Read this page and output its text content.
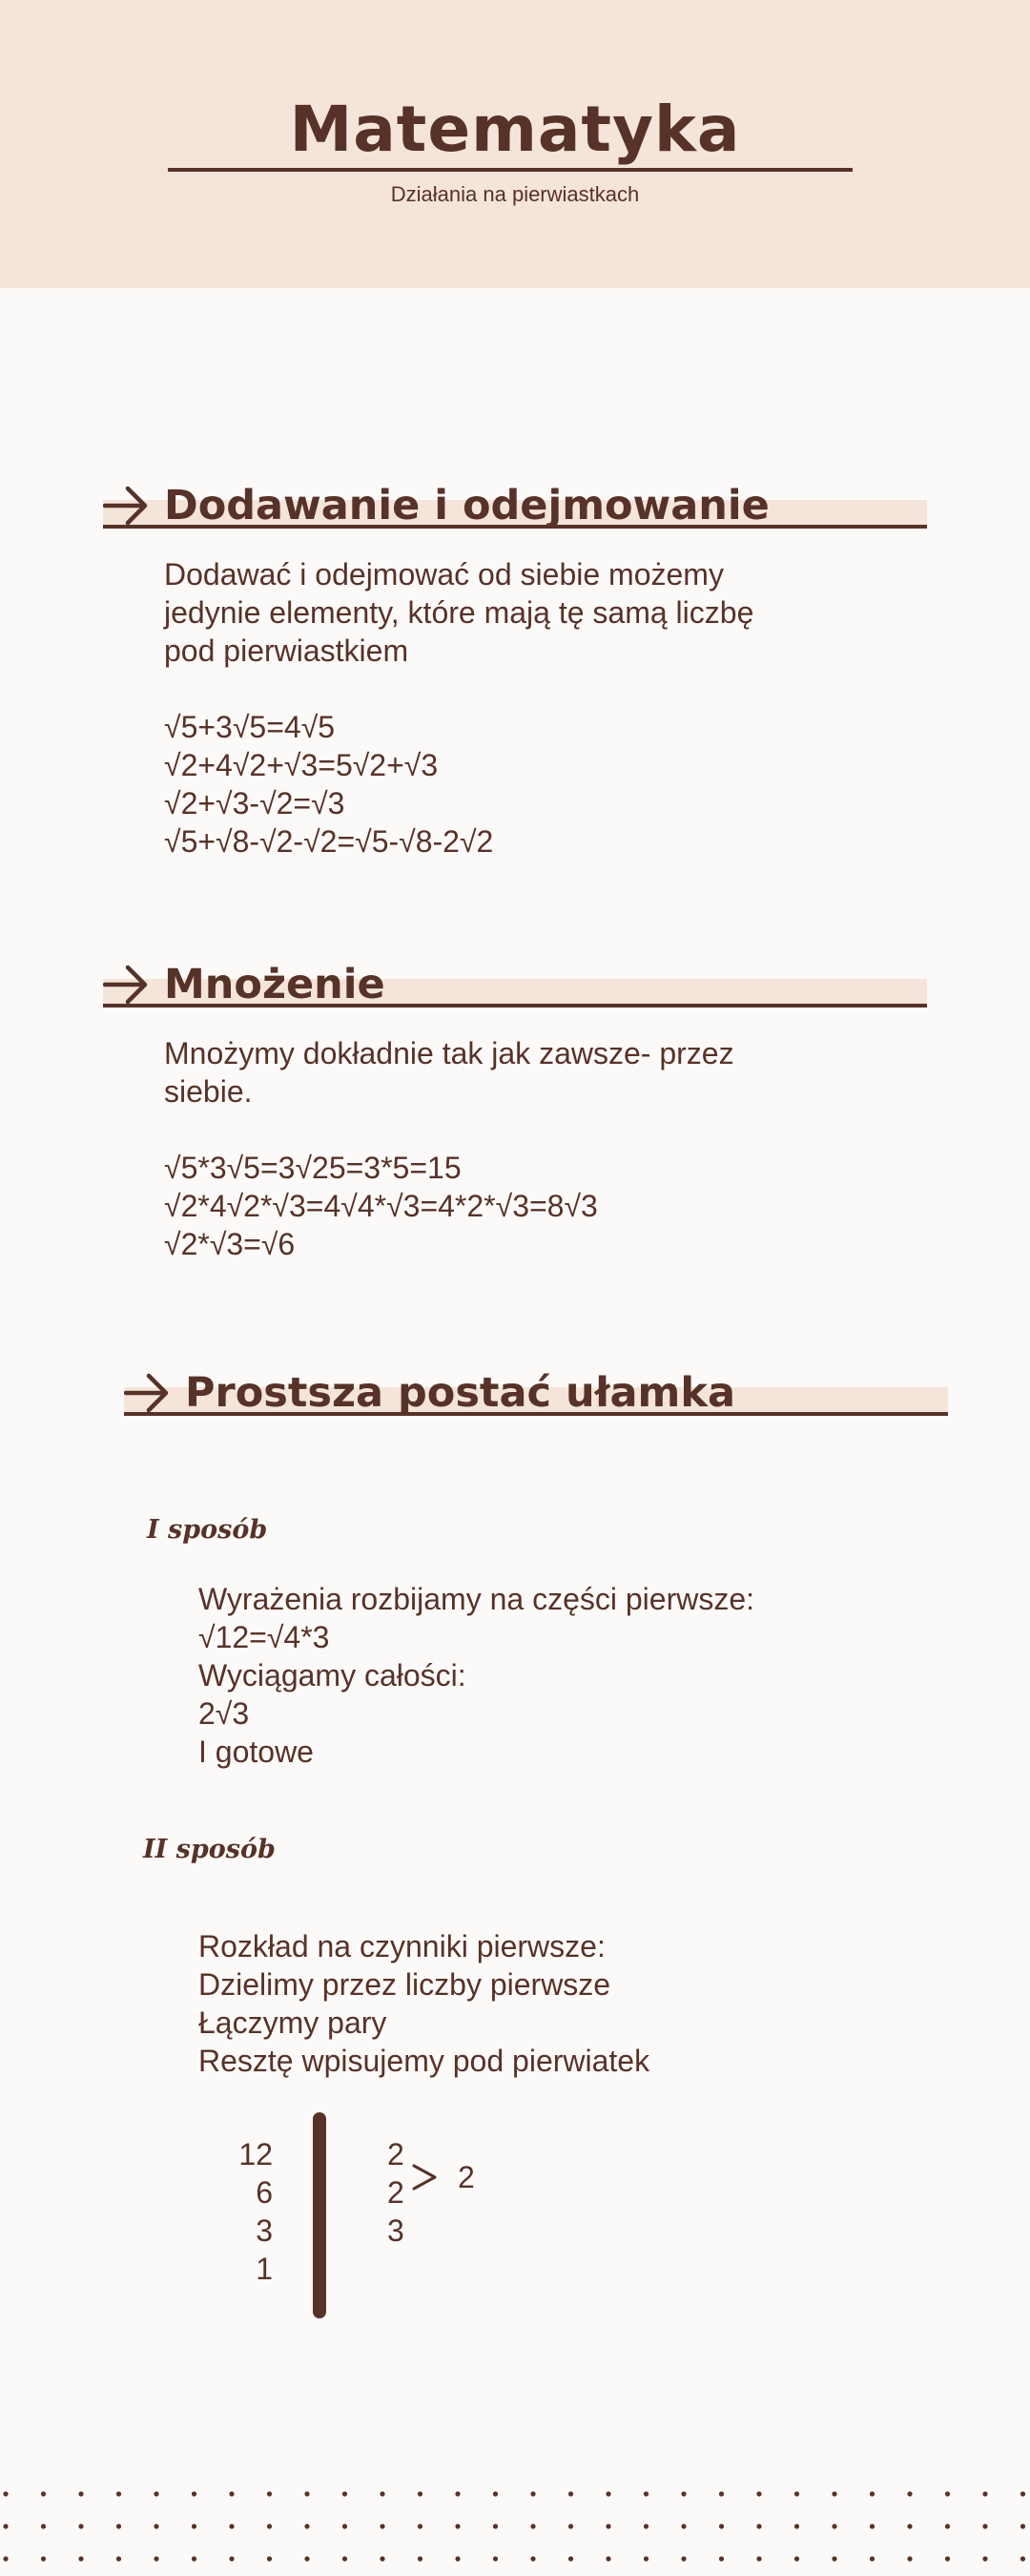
Matematyka
Działania na pierwiastkach
Dodawanie i odejmowanie
Dodawać i odejmować od siebie możemy
jedynie elementy, które mają tę samą liczbę
pod pierwiastkiem
√5+3√5=4√5
√2+4√2+√3=5√2+√3
√2+√3-√2=√3
√5+√8-√2-√2=√5-√8-2√2
Mnożenie
Mnożymy dokładnie tak jak zawsze- przez
siebie.
√5*3√5=3√25=3*5=15
√2*4√2*√3=4√4*√3=4*2*√3=8√3
√2*√3=√6
Prostsza postać ułamka
I sposób
Wyrażenia rozbijamy na części pierwsze:
√12=√4*3
Wyciągamy całości:
2√3
I gotowe
II sposób
Rozkład na czynniki pierwsze:
Dzielimy przez liczby pierwsze
Łączymy pary
Resztę wpisujemy pod pierwiatek
12
6
3
1
2
2
3
2
